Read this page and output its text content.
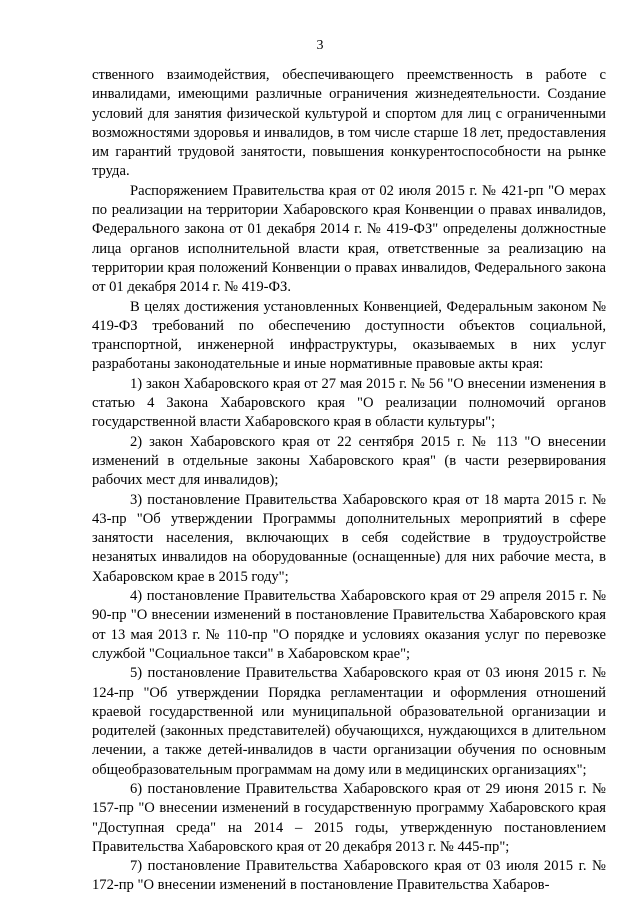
3

ственного взаимодействия, обеспечивающего преемственность в работе с инвалидами, имеющими различные ограничения жизнедеятельности. Создание условий для занятия физической культурой и спортом для лиц с ограниченными возможностями здоровья и инвалидов, в том числе старше 18 лет, предоставления им гарантий трудовой занятости, повышения конкурентоспособности на рынке труда.

Распоряжением Правительства края от 02 июля 2015 г. № 421-рп "О мерах по реализации на территории Хабаровского края Конвенции о правах инвалидов, Федерального закона от 01 декабря 2014 г. № 419-ФЗ" определены должностные лица органов исполнительной власти края, ответственные за реализацию на территории края положений Конвенции о правах инвалидов, Федерального закона от 01 декабря 2014 г. № 419-ФЗ.

В целях достижения установленных Конвенцией, Федеральным законом № 419-ФЗ требований по обеспечению доступности объектов социальной, транспортной, инженерной инфраструктуры, оказываемых в них услуг разработаны законодательные и иные нормативные правовые акты края:

1) закон Хабаровского края от 27 мая 2015 г. № 56 "О внесении изменения в статью 4 Закона Хабаровского края "О реализации полномочий органов государственной власти Хабаровского края в области культуры";

2) закон Хабаровского края от 22 сентября 2015 г. № 113 "О внесении изменений в отдельные законы Хабаровского края" (в части резервирования рабочих мест для инвалидов);

3) постановление Правительства Хабаровского края от 18 марта 2015 г. № 43-пр "Об утверждении Программы дополнительных мероприятий в сфере занятости населения, включающих в себя содействие в трудоустройстве незанятых инвалидов на оборудованные (оснащенные) для них рабочие места, в Хабаровском крае в 2015 году";

4) постановление Правительства Хабаровского края от 29 апреля 2015 г. № 90-пр "О внесении изменений в постановление Правительства Хабаровского края от 13 мая 2013 г. № 110-пр "О порядке и условиях оказания услуг по перевозке службой "Социальное такси" в Хабаровском крае";

5) постановление Правительства Хабаровского края от 03 июня 2015 г. № 124-пр "Об утверждении Порядка регламентации и оформления отношений краевой государственной или муниципальной образовательной организации и родителей (законных представителей) обучающихся, нуждающихся в длительном лечении, а также детей-инвалидов в части организации обучения по основным общеобразовательным программам на дому или в медицинских организациях";

6) постановление Правительства Хабаровского края от 29 июня 2015 г. № 157-пр "О внесении изменений в государственную программу Хабаровского края "Доступная среда" на 2014 – 2015 годы, утвержденную постановлением Правительства Хабаровского края от 20 декабря 2013 г. № 445-пр";

7) постановление Правительства Хабаровского края от 03 июля 2015 г. № 172-пр "О внесении изменений в постановление Правительства Хабаров-
